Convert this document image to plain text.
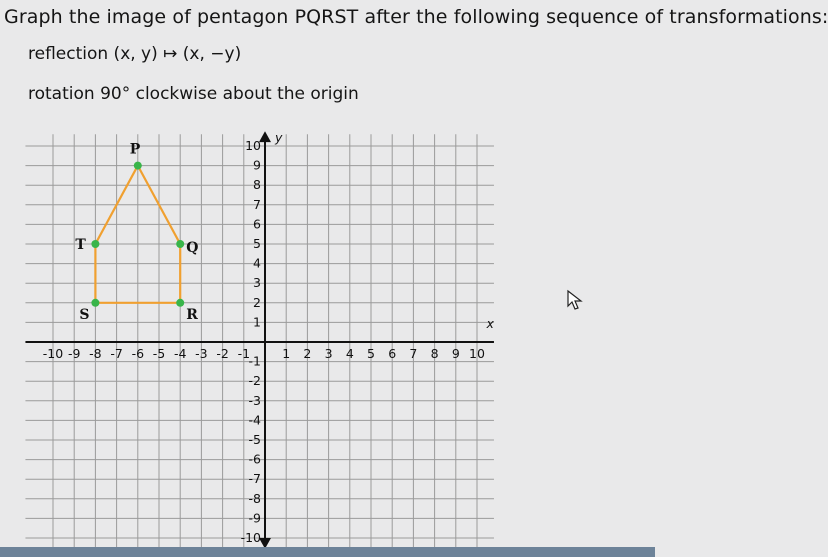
Graph the image of pentagon PQRST after the following sequence of transformations:
reflection (x, y) ↦ (x, −y)
rotation 90° clockwise about the origin
x
y
-10 -9 -8 -7 -6 -5 -4 -3 -2 -1	1 2 3 4 5 6 7 8 9 10
10
9
8
7
6
5
4
3
2
1
-1
-2
-3
-4
-5
-6
-7
-8
-9
-10
P
Q
R
S
T
